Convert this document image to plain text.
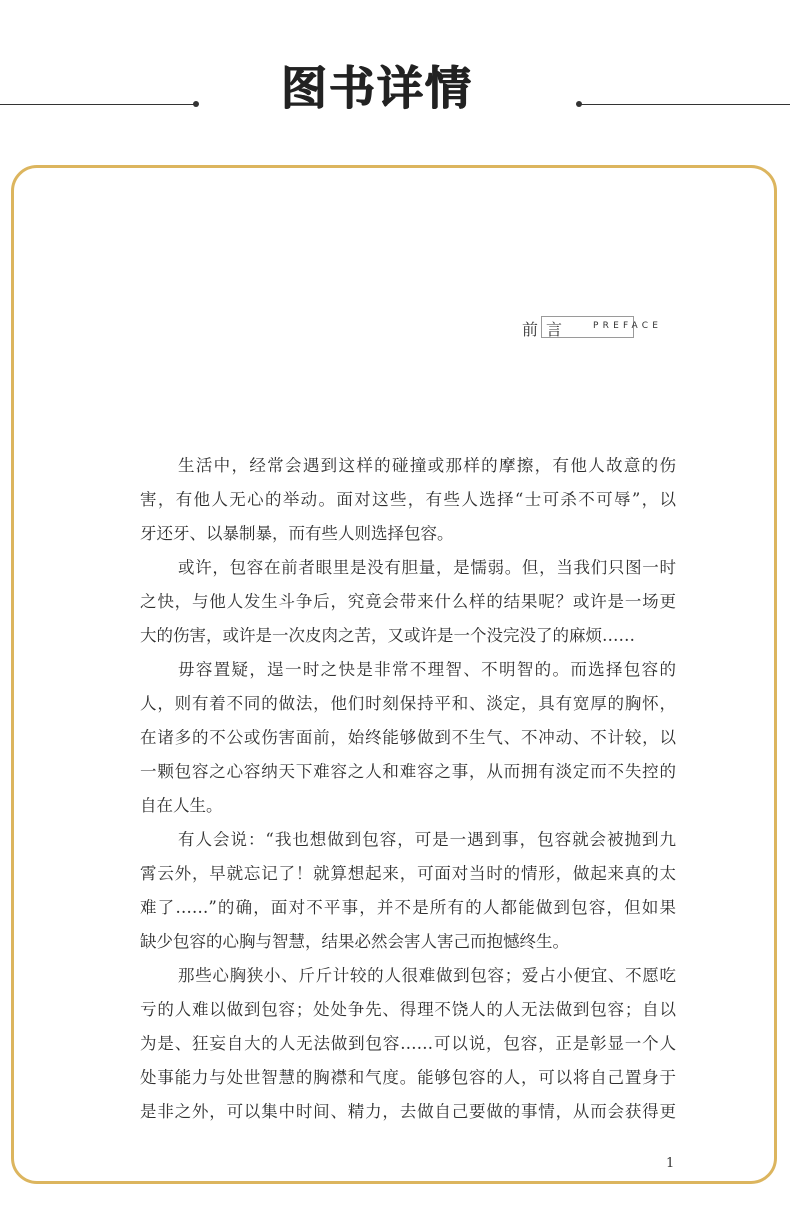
图书详情
前 言	PREFACE
生活中，经常会遇到这样的碰撞或那样的摩擦，有他人故意的伤
害，有他人无心的举动。面对这些，有些人选择“士可杀不可辱”，以
牙还牙、以暴制暴，而有些人则选择包容。
或许，包容在前者眼里是没有胆量，是懦弱。但，当我们只图一时
之快，与他人发生斗争后，究竟会带来什么样的结果呢？或许是一场更
大的伤害，或许是一次皮肉之苦，又或许是一个没完没了的麻烦……
毋容置疑，逞一时之快是非常不理智、不明智的。而选择包容的
人，则有着不同的做法，他们时刻保持平和、淡定，具有宽厚的胸怀，
在诸多的不公或伤害面前，始终能够做到不生气、不冲动、不计较，以
一颗包容之心容纳天下难容之人和难容之事，从而拥有淡定而不失控的
自在人生。
有人会说：“我也想做到包容，可是一遇到事，包容就会被抛到九
霄云外，早就忘记了！就算想起来，可面对当时的情形，做起来真的太
难了……”的确，面对不平事，并不是所有的人都能做到包容，但如果
缺少包容的心胸与智慧，结果必然会害人害己而抱憾终生。
那些心胸狭小、斤斤计较的人很难做到包容；爱占小便宜、不愿吃
亏的人难以做到包容；处处争先、得理不饶人的人无法做到包容；自以
为是、狂妄自大的人无法做到包容……可以说，包容，正是彰显一个人
处事能力与处世智慧的胸襟和气度。能够包容的人，可以将自己置身于
是非之外，可以集中时间、精力，去做自己要做的事情，从而会获得更
1
